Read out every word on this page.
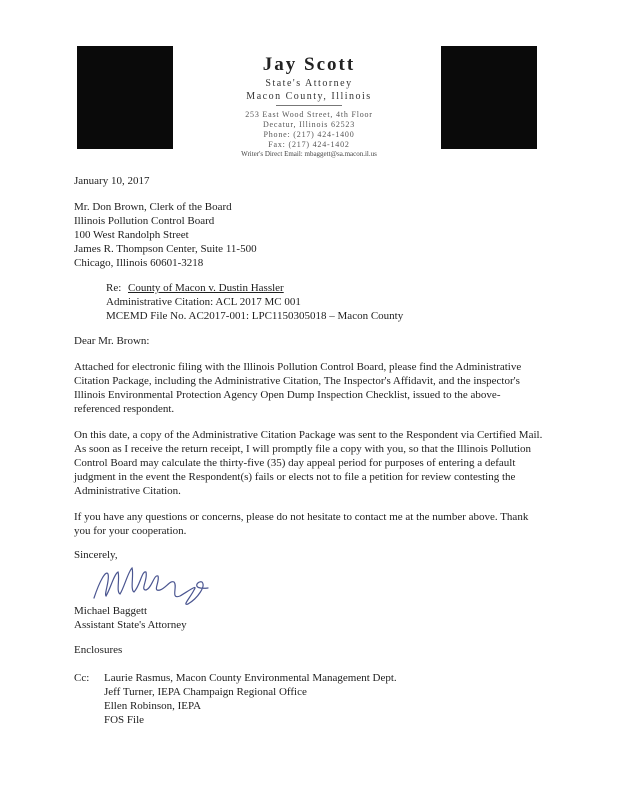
Jay Scott
State's Attorney
Macon County, Illinois
253 East Wood Street, 4th Floor
Decatur, Illinois 62523
Phone: (217) 424-1400
Fax: (217) 424-1402
Writer's Direct Email: mbaggett@sa.macon.il.us
January 10, 2017
Mr. Don Brown, Clerk of the Board
Illinois Pollution Control Board
100 West Randolph Street
James R. Thompson Center, Suite 11-500
Chicago, Illinois 60601-3218
Re: County of Macon v. Dustin Hassler
Administrative Citation: ACL 2017 MC 001
MCEMD File No. AC2017-001: LPC1150305018 – Macon County
Dear Mr. Brown:
Attached for electronic filing with the Illinois Pollution Control Board, please find the Administrative Citation Package, including the Administrative Citation, The Inspector's Affidavit, and the inspector's Illinois Environmental Protection Agency Open Dump Inspection Checklist, issued to the above-referenced respondent.
On this date, a copy of the Administrative Citation Package was sent to the Respondent via Certified Mail. As soon as I receive the return receipt, I will promptly file a copy with you, so that the Illinois Pollution Control Board may calculate the thirty-five (35) day appeal period for purposes of entering a default judgment in the event the Respondent(s) fails or elects not to file a petition for review contesting the Administrative Citation.
If you have any questions or concerns, please do not hesitate to contact me at the number above. Thank you for your cooperation.
Sincerely,
Michael Baggett
Assistant State's Attorney
Enclosures
Cc: Laurie Rasmus, Macon County Environmental Management Dept.
Jeff Turner, IEPA Champaign Regional Office
Ellen Robinson, IEPA
FOS File
